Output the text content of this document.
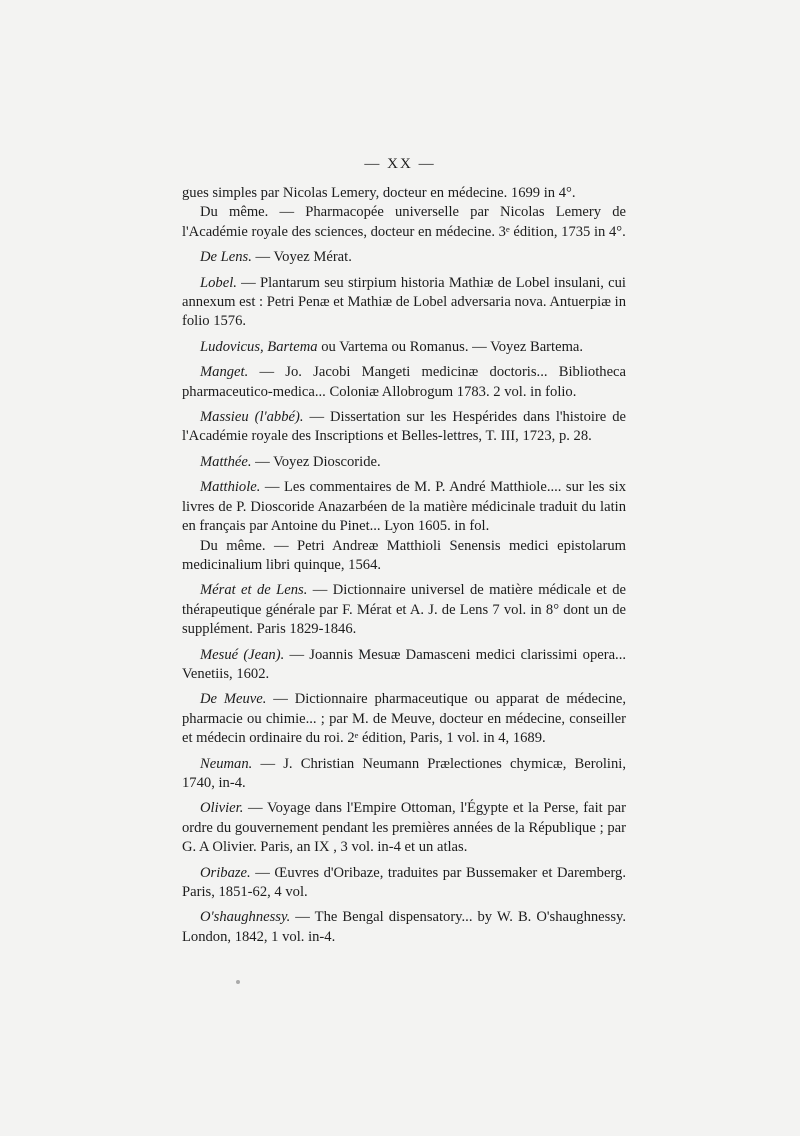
— XX —

gues simples par Nicolas Lemery, docteur en médecine. 1699 in 4°.

Du même. — Pharmacopée universelle par Nicolas Lemery de l'Académie royale des sciences, docteur en médecine. 3ᵉ édition, 1735 in 4°.

De Lens. — Voyez Mérat.

Lobel. — Plantarum seu stirpium historia Mathiæ de Lobel insulani, cui annexum est : Petri Penæ et Mathiæ de Lobel adversaria nova. Antuerpiæ in folio 1576.

Ludovicus, Bartema ou Vartema ou Romanus. — Voyez Bartema.

Manget. — Jo. Jacobi Mangeti medicinæ doctoris... Bibliotheca pharmaceutico-medica... Coloniæ Allobrogum 1783. 2 vol. in folio.

Massieu (l'abbé). — Dissertation sur les Hespérides dans l'histoire de l'Académie royale des Inscriptions et Belles-lettres, T. III, 1723, p. 28.

Matthée. — Voyez Dioscoride.

Matthiole. — Les commentaires de M. P. André Matthiole.... sur les six livres de P. Dioscoride Anazarbéen de la matière médicinale traduit du latin en français par Antoine du Pinet... Lyon 1605. in fol.

Du même. — Petri Andreæ Matthioli Senensis medici epistolarum medicinalium libri quinque, 1564.

Mérat et de Lens. — Dictionnaire universel de matière médicale et de thérapeutique générale par F. Mérat et A. J. de Lens 7 vol. in 8° dont un de supplément. Paris 1829-1846.

Mesué (Jean). — Joannis Mesuæ Damasceni medici clarissimi opera... Venetiis, 1602.

De Meuve. — Dictionnaire pharmaceutique ou apparat de médecine, pharmacie ou chimie... ; par M. de Meuve, docteur en médecine, conseiller et médecin ordinaire du roi. 2ᵉ édition, Paris, 1 vol. in 4, 1689.

Neuman. — J. Christian Neumann Prælectiones chymicæ, Berolini, 1740, in-4.

Olivier. — Voyage dans l'Empire Ottoman, l'Égypte et la Perse, fait par ordre du gouvernement pendant les premières années de la République ; par G. A Olivier. Paris, an IX , 3 vol. in-4 et un atlas.

Oribaze. — Œuvres d'Oribaze, traduites par Bussemaker et Daremberg. Paris, 1851-62, 4 vol.

O'shaughnessy. — The Bengal dispensatory... by W. B. O'shaughnessy. London, 1842, 1 vol. in-4.
